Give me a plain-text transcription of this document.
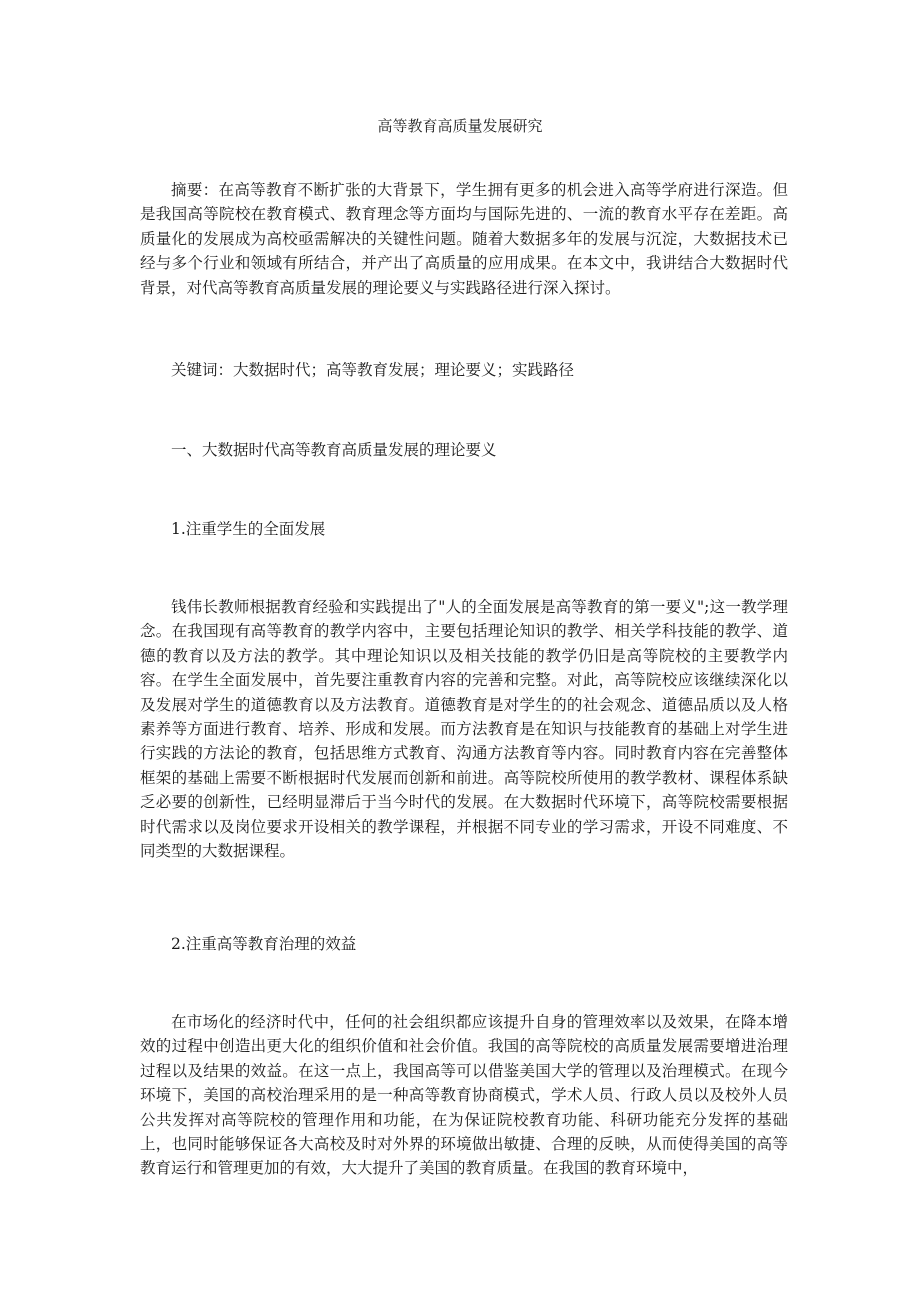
高等教育高质量发展研究

摘要：在高等教育不断扩张的大背景下，学生拥有更多的机会进入高等学府进行深造。但是我国高等院校在教育模式、教育理念等方面均与国际先进的、一流的教育水平存在差距。高质量化的发展成为高校亟需解决的关键性问题。随着大数据多年的发展与沉淀，大数据技术已经与多个行业和领域有所结合，并产出了高质量的应用成果。在本文中，我讲结合大数据时代背景，对代高等教育高质量发展的理论要义与实践路径进行深入探讨。

关键词：大数据时代；高等教育发展；理论要义；实践路径

一、大数据时代高等教育高质量发展的理论要义
1.注重学生的全面发展

钱伟长教师根据教育经验和实践提出了"人的全面发展是高等教育的第一要义";这一教学理念。在我国现有高等教育的教学内容中，主要包括理论知识的教学、相关学科技能的教学、道德的教育以及方法的教学。其中理论知识以及相关技能的教学仍旧是高等院校的主要教学内容。在学生全面发展中，首先要注重教育内容的完善和完整。对此，高等院校应该继续深化以及发展对学生的道德教育以及方法教育。道德教育是对学生的的社会观念、道德品质以及人格素养等方面进行教育、培养、形成和发展。而方法教育是在知识与技能教育的基础上对学生进行实践的方法论的教育，包括思维方式教育、沟通方法教育等内容。同时教育内容在完善整体框架的基础上需要不断根据时代发展而创新和前进。高等院校所使用的教学教材、课程体系缺乏必要的创新性，已经明显滞后于当今时代的发展。在大数据时代环境下，高等院校需要根据时代需求以及岗位要求开设相关的教学课程，并根据不同专业的学习需求，开设不同难度、不同类型的大数据课程。

2.注重高等教育治理的效益

在市场化的经济时代中，任何的社会组织都应该提升自身的管理效率以及效果，在降本增效的过程中创造出更大化的组织价值和社会价值。我国的高等院校的高质量发展需要增进治理过程以及结果的效益。在这一点上，我国高等可以借鉴美国大学的管理以及治理模式。在现今环境下，美国的高校治理采用的是一种高等教育协商模式，学术人员、行政人员以及校外人员公共发挥对高等院校的管理作用和功能，在为保证院校教育功能、科研功能充分发挥的基础上，也同时能够保证各大高校及时对外界的环境做出敏捷、合理的反映，从而使得美国的高等教育运行和管理更加的有效，大大提升了美国的教育质量。在我国的教育环境中，
